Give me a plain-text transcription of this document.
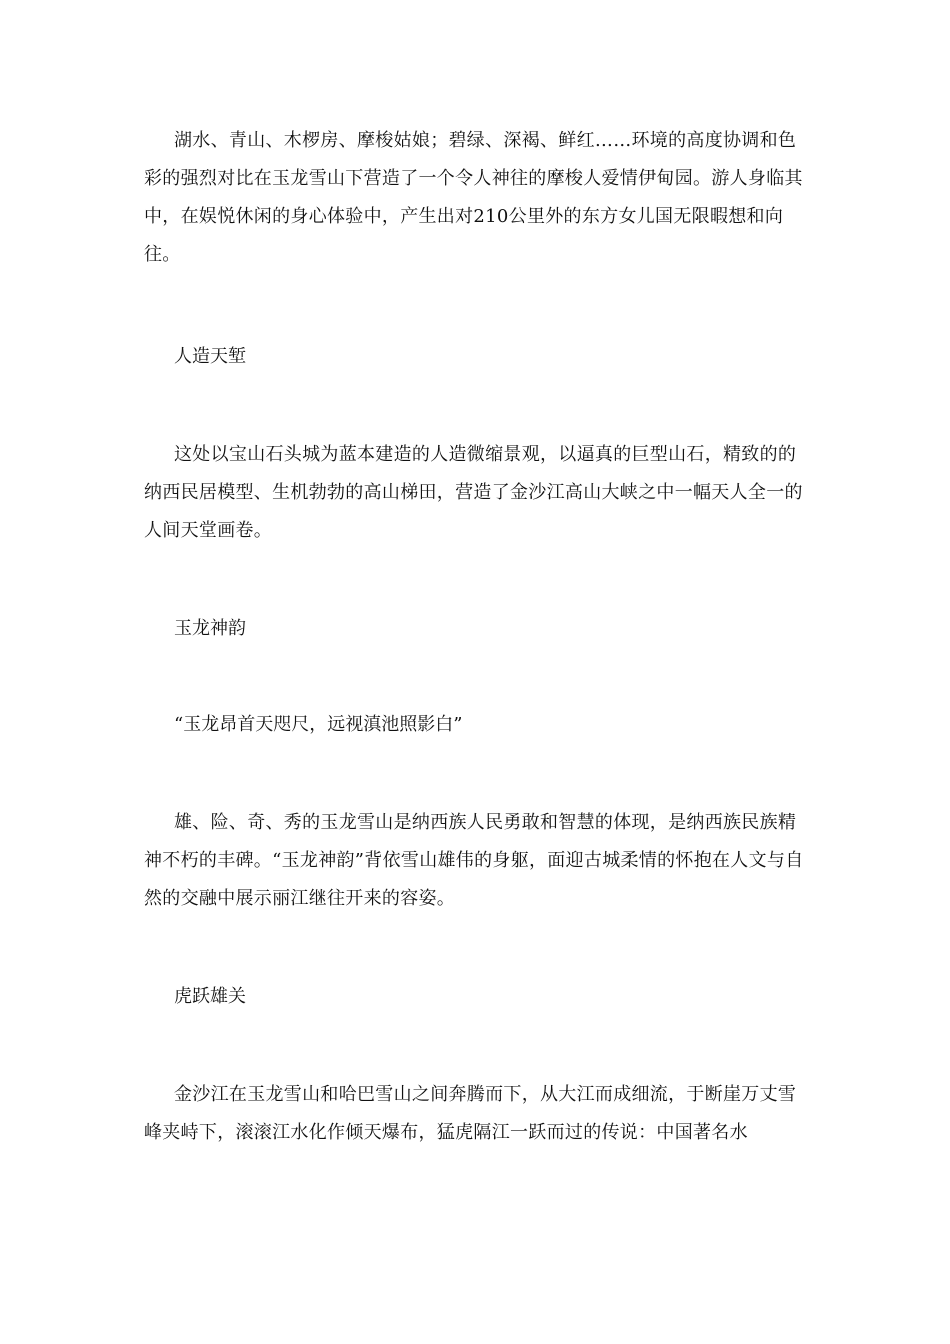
湖水、青山、木椤房、摩梭姑娘；碧绿、深褐、鲜红……环境的高度协调和色彩的强烈对比在玉龙雪山下营造了一个令人神往的摩梭人爱情伊甸园。游人身临其中，在娱悦休闲的身心体验中，产生出对210公里外的东方女儿国无限暇想和向往。

人造天堑

这处以宝山石头城为蓝本建造的人造微缩景观，以逼真的巨型山石，精致的的纳西民居模型、生机勃勃的高山梯田，营造了金沙江高山大峡之中一幅天人全一的人间天堂画卷。

玉龙神韵

“玉龙昂首天咫尺，远视滇池照影白”

雄、险、奇、秀的玉龙雪山是纳西族人民勇敢和智慧的体现，是纳西族民族精神不朽的丰碑。“玉龙神韵”背依雪山雄伟的身躯，面迎古城柔情的怀抱在人文与自然的交融中展示丽江继往开来的容姿。

虎跃雄关

金沙江在玉龙雪山和哈巴雪山之间奔腾而下，从大江而成细流，于断崖万丈雪峰夹峙下，滚滚江水化作倾天爆布，猛虎隔江一跃而过的传说：中国著名水
